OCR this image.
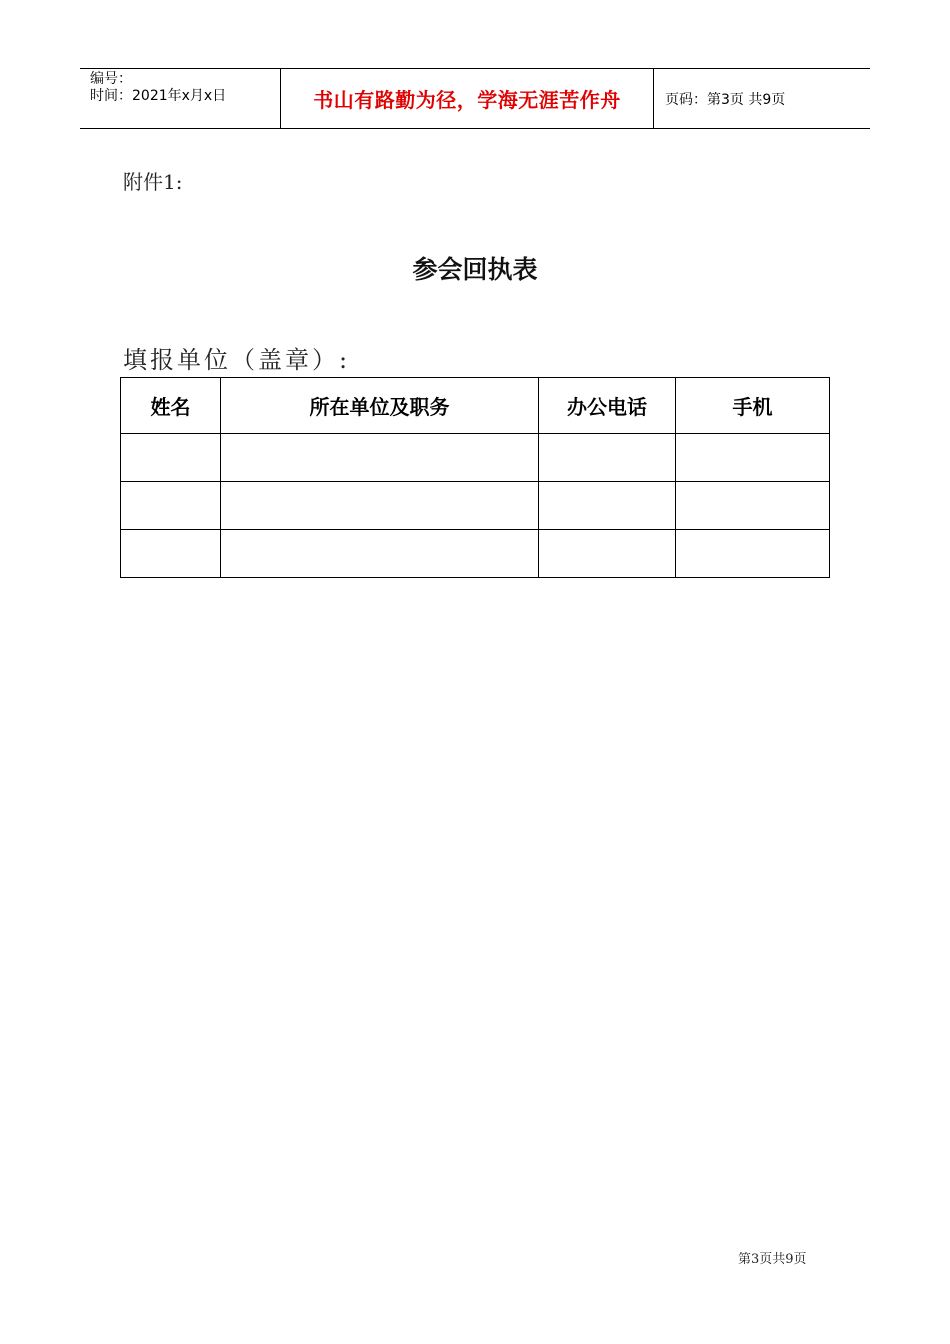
编号：
时间：2021年x月x日	书山有路勤为径，学海无涯苦作舟	页码：第3页 共9页
附件1:
参会回执表
填报单位（盖章）:
姓名	所在单位及职务	办公电话	手机

第3页共9页
